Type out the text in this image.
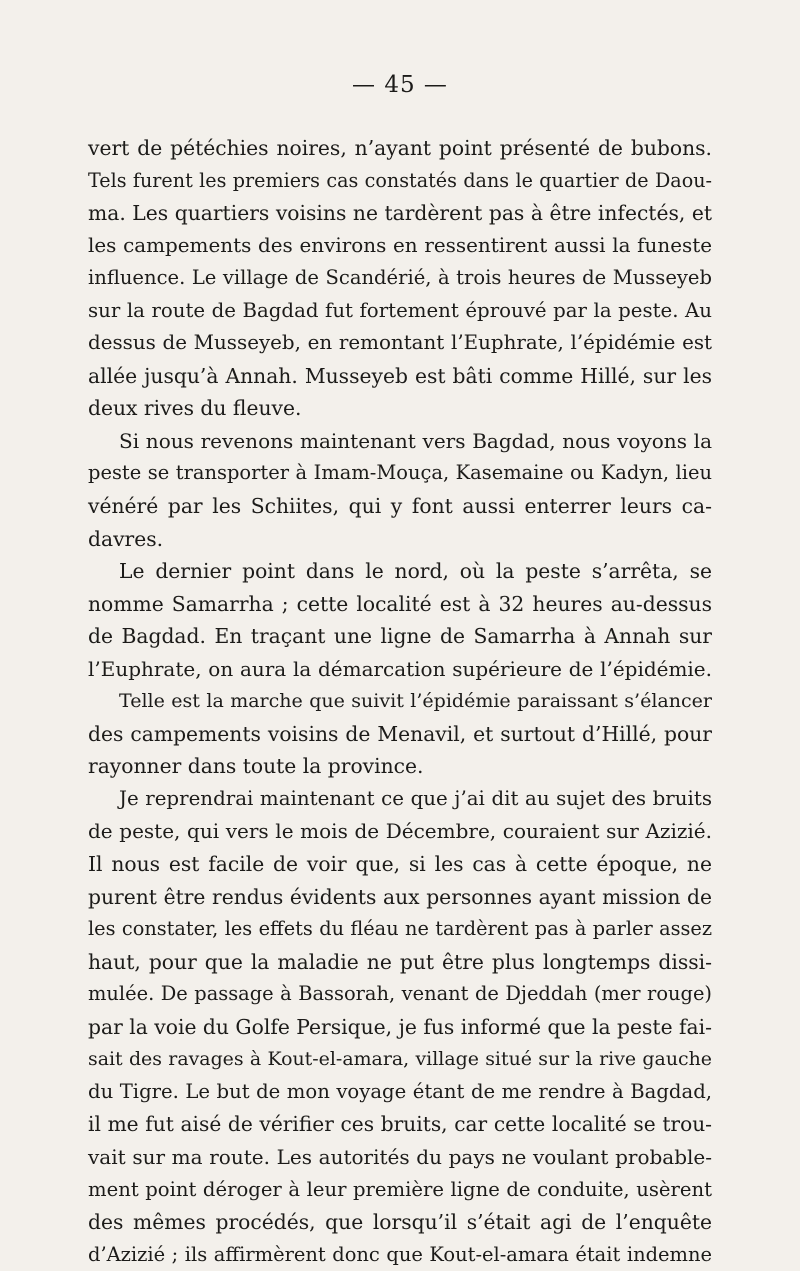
— 45 —
vert de pétéchies noires, n’ayant point présenté de bubons.
Tels furent les premiers cas constatés dans le quartier de Daou-
ma. Les quartiers voisins ne tardèrent pas à être infectés, et
les campements des environs en ressentirent aussi la funeste
influence. Le village de Scandérié, à trois heures de Musseyeb
sur la route de Bagdad fut fortement éprouvé par la peste. Au
dessus de Musseyeb, en remontant l’Euphrate, l’épidémie est
allée jusqu’à Annah. Musseyeb est bâti comme Hillé, sur les
deux rives du fleuve.
Si nous revenons maintenant vers Bagdad, nous voyons la
peste se transporter à Imam-Mouça, Kasemaine ou Kadyn, lieu
vénéré par les Schiites, qui y font aussi enterrer leurs ca-
davres.
Le dernier point dans le nord, où la peste s’arrêta, se
nomme Samarrha ; cette localité est à 32 heures au-dessus
de Bagdad. En traçant une ligne de Samarrha à Annah sur
l’Euphrate, on aura la démarcation supérieure de l’épidémie.
Telle est la marche que suivit l’épidémie paraissant s’élancer
des campements voisins de Menavil, et surtout d’Hillé, pour
rayonner dans toute la province.
Je reprendrai maintenant ce que j’ai dit au sujet des bruits
de peste, qui vers le mois de Décembre, couraient sur Azizié.
Il nous est facile de voir que, si les cas à cette époque, ne
purent être rendus évidents aux personnes ayant mission de
les constater, les effets du fléau ne tardèrent pas à parler assez
haut, pour que la maladie ne put être plus longtemps dissi-
mulée. De passage à Bassorah, venant de Djeddah (mer rouge)
par la voie du Golfe Persique, je fus informé que la peste fai-
sait des ravages à Kout-el-amara, village situé sur la rive gauche
du Tigre. Le but de mon voyage étant de me rendre à Bagdad,
il me fut aisé de vérifier ces bruits, car cette localité se trou-
vait sur ma route. Les autorités du pays ne voulant probable-
ment point déroger à leur première ligne de conduite, usèrent
des mêmes procédés, que lorsqu’il s’était agi de l’enquête
d’Azizié ; ils affirmèrent donc que Kout-el-amara était indemne
